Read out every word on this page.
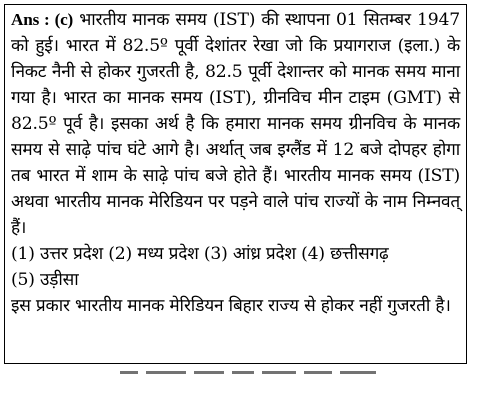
Ans : (c) भारतीय मानक समय (IST) की स्थापना 01 सितम्बर 1947 को हुई। भारत में 82.5º पूर्वी देशांतर रेखा जो कि प्रयागराज (इला.) के निकट नैनी से होकर गुजरती है, 82.5 पूर्वी देशान्तर को मानक समय माना गया है। भारत का मानक समय (IST), ग्रीनविच मीन टाइम (GMT) से 82.5º पूर्व है। इसका अर्थ है कि हमारा मानक समय ग्रीनविच के मानक समय से साढ़े पांच घंटे आगे है। अर्थात् जब इग्लैंड में 12 बजे दोपहर होगा तब भारत में शाम के साढ़े पांच बजे होते हैं। भारतीय मानक समय (IST) अथवा भारतीय मानक मेरिडियन पर पड़ने वाले पांच राज्यों के नाम निम्नवत् हैं।

(1) उत्तर प्रदेश (2) मध्य प्रदेश (3) आंध्र प्रदेश (4) छत्तीसगढ़

(5) उड़ीसा

इस प्रकार भारतीय मानक मेरिडियन बिहार राज्य से होकर नहीं गुजरती है।
